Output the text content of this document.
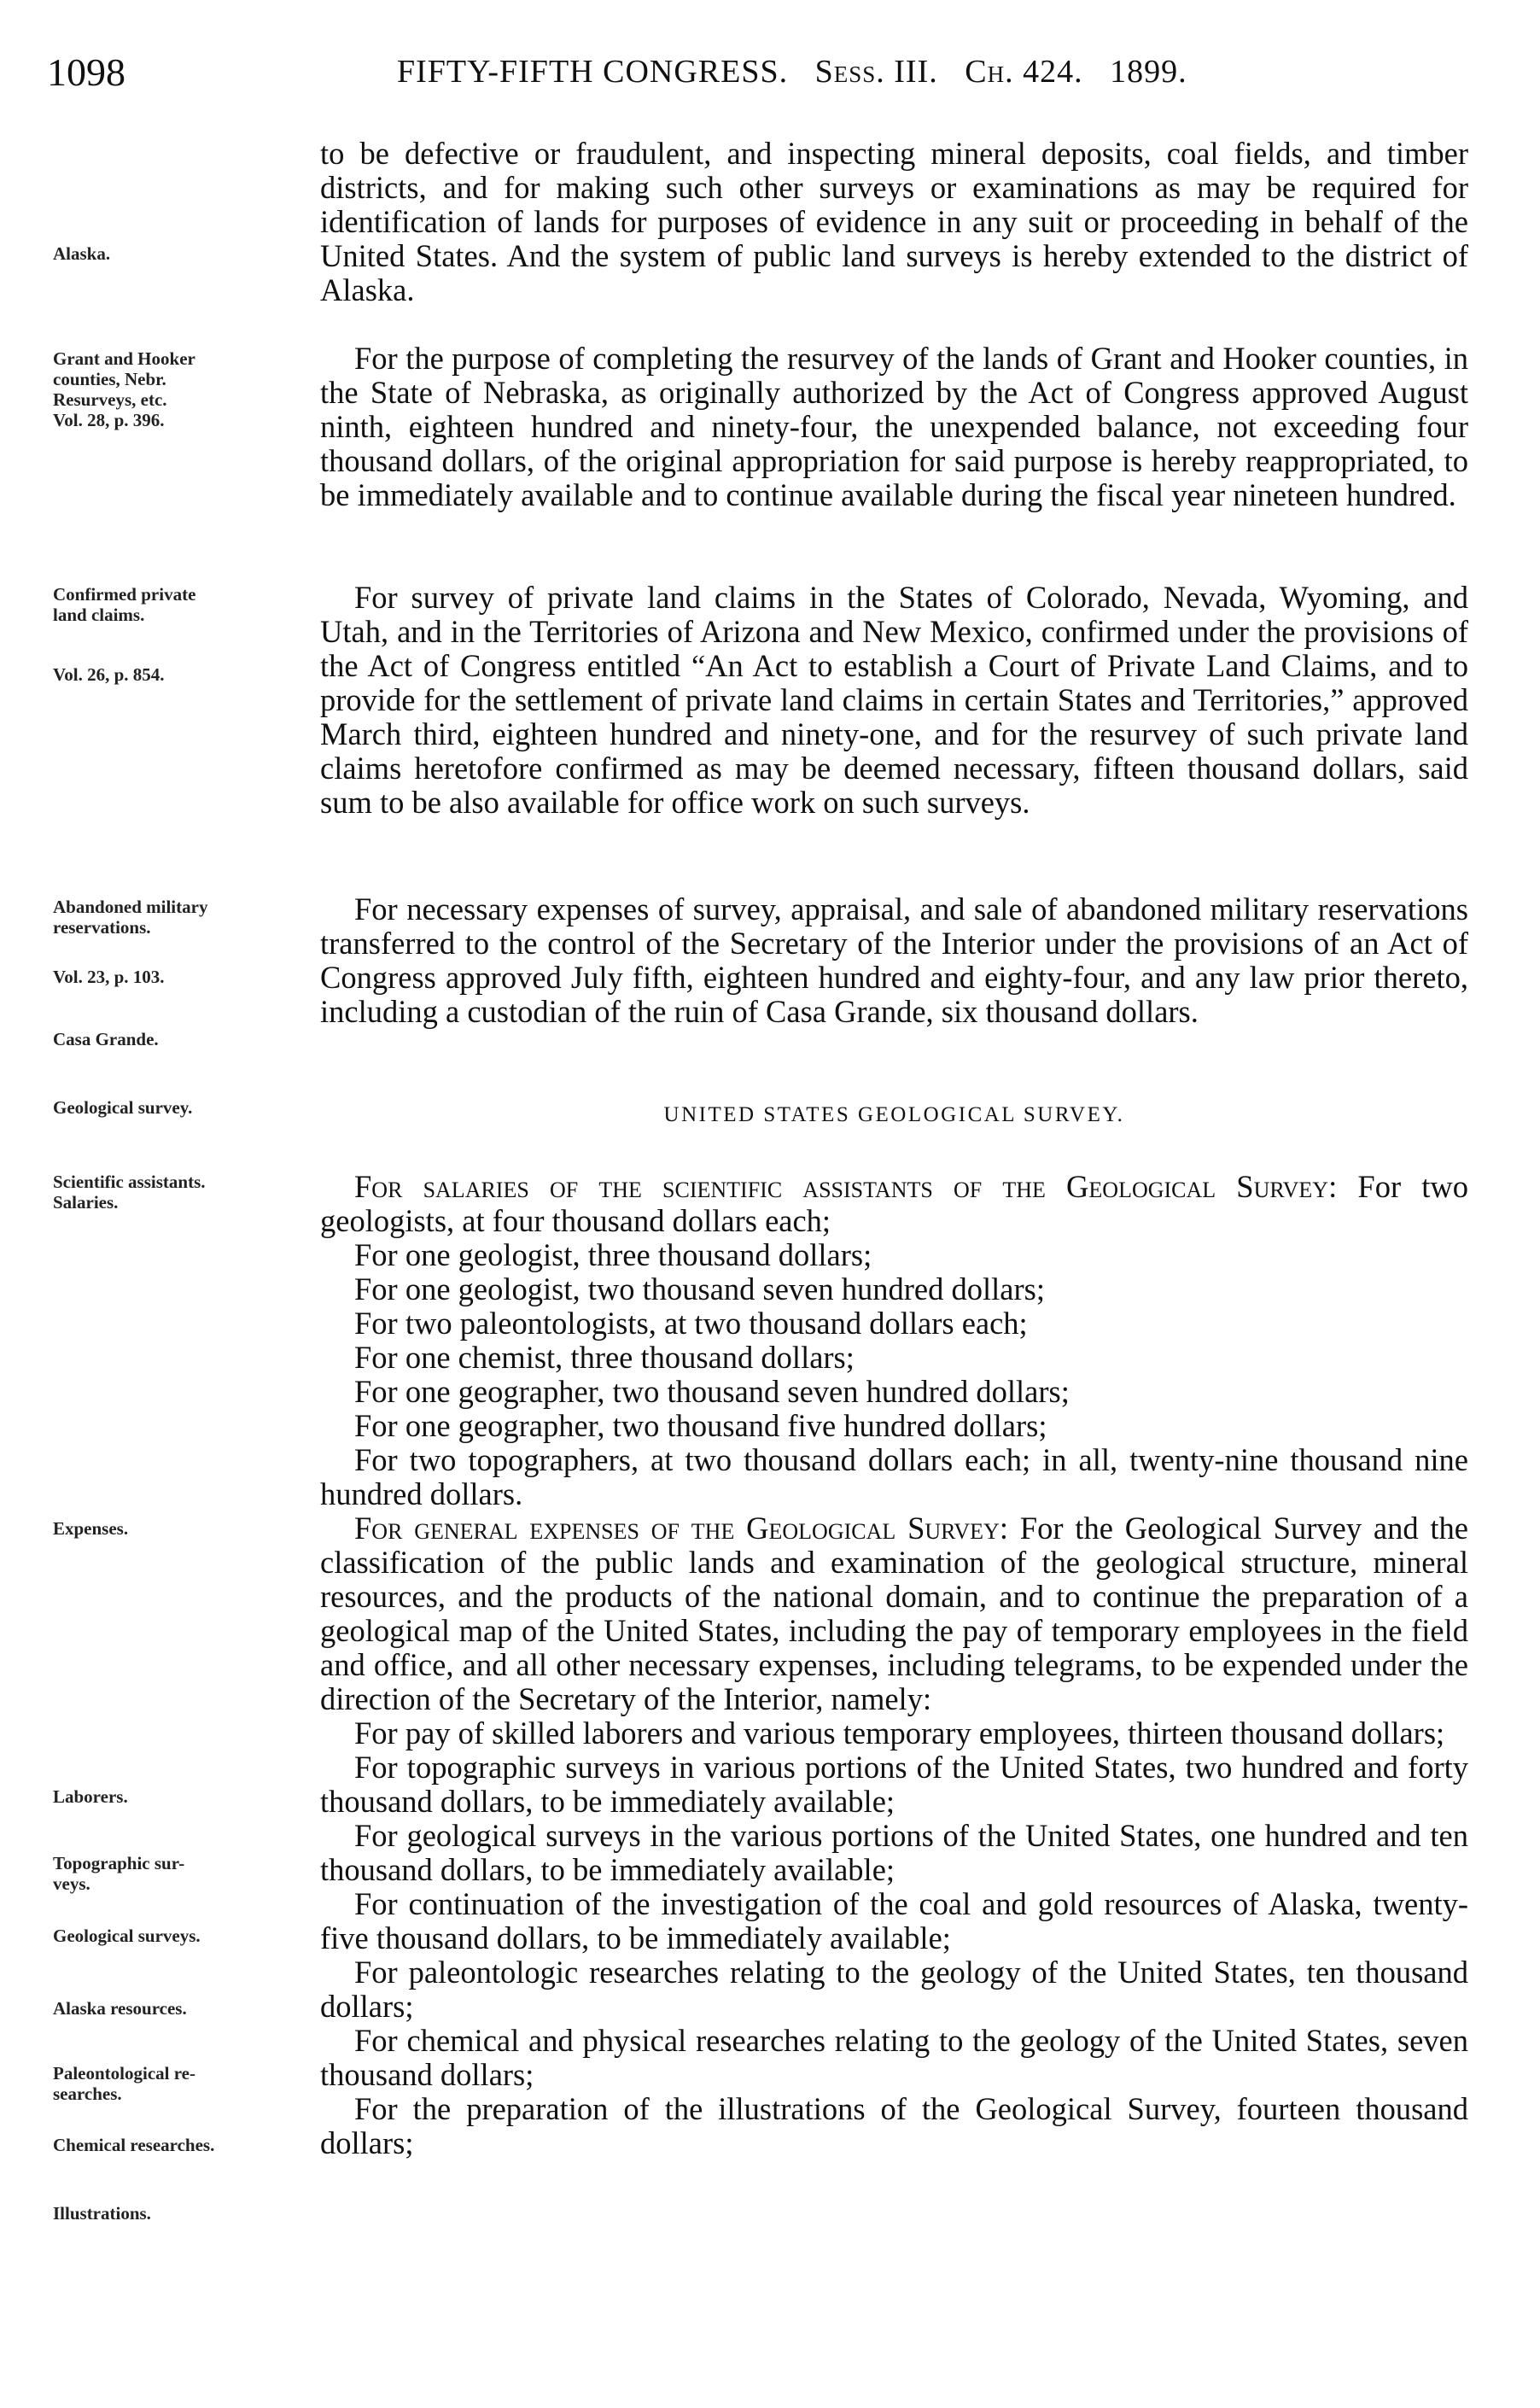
1098	FIFTY-FIFTH CONGRESS. Sess. III. Ch. 424. 1899.
Alaska.
Grant and Hooker
counties, Nebr.
Resurveys, etc.
Vol. 28, p. 396.
Confirmed private
land claims.
Vol. 26, p. 854.
Abandoned military
reservations.
Vol. 23, p. 103.
Casa Grande.
Geological survey.
Scientific assistants.
Salaries.
Expenses.
Laborers.
Topographic sur-
veys.
Geological surveys.
Alaska resources.
Paleontological re-
searches.
Chemical researches.
Illustrations.

to be defective or fraudulent, and inspecting mineral deposits, coal fields, and timber districts, and for making such other surveys or examinations as may be required for identification of lands for purposes of evidence in any suit or proceeding in behalf of the United States. And the system of public land surveys is hereby extended to the district of Alaska.

For the purpose of completing the resurvey of the lands of Grant and Hooker counties, in the State of Nebraska, as originally authorized by the Act of Congress approved August ninth, eighteen hundred and ninety-four, the unexpended balance, not exceeding four thousand dollars, of the original appropriation for said purpose is hereby reappropriated, to be immediately available and to continue available during the fiscal year nineteen hundred.

For survey of private land claims in the States of Colorado, Nevada, Wyoming, and Utah, and in the Territories of Arizona and New Mexico, confirmed under the provisions of the Act of Congress entitled “An Act to establish a Court of Private Land Claims, and to provide for the settlement of private land claims in certain States and Territories,” approved March third, eighteen hundred and ninety-one, and for the resurvey of such private land claims heretofore confirmed as may be deemed necessary, fifteen thousand dollars, said sum to be also available for office work on such surveys.

For necessary expenses of survey, appraisal, and sale of abandoned military reservations transferred to the control of the Secretary of the Interior under the provisions of an Act of Congress approved July fifth, eighteen hundred and eighty-four, and any law prior thereto, including a custodian of the ruin of Casa Grande, six thousand dollars.

UNITED STATES GEOLOGICAL SURVEY.

For salaries of the scientific assistants of the Geological Survey: For two geologists, at four thousand dollars each;

For one geologist, three thousand dollars;

For one geologist, two thousand seven hundred dollars;

For two paleontologists, at two thousand dollars each;

For one chemist, three thousand dollars;

For one geographer, two thousand seven hundred dollars;

For one geographer, two thousand five hundred dollars;

For two topographers, at two thousand dollars each; in all, twenty-nine thousand nine hundred dollars.

For general expenses of the Geological Survey: For the Geological Survey and the classification of the public lands and examination of the geological structure, mineral resources, and the products of the national domain, and to continue the preparation of a geological map of the United States, including the pay of temporary employees in the field and office, and all other necessary expenses, including telegrams, to be expended under the direction of the Secretary of the Interior, namely:

For pay of skilled laborers and various temporary employees, thirteen thousand dollars;

For topographic surveys in various portions of the United States, two hundred and forty thousand dollars, to be immediately available;

For geological surveys in the various portions of the United States, one hundred and ten thousand dollars, to be immediately available;

For continuation of the investigation of the coal and gold resources of Alaska, twenty-five thousand dollars, to be immediately available;

For paleontologic researches relating to the geology of the United States, ten thousand dollars;

For chemical and physical researches relating to the geology of the United States, seven thousand dollars;

For the preparation of the illustrations of the Geological Survey, fourteen thousand dollars;
